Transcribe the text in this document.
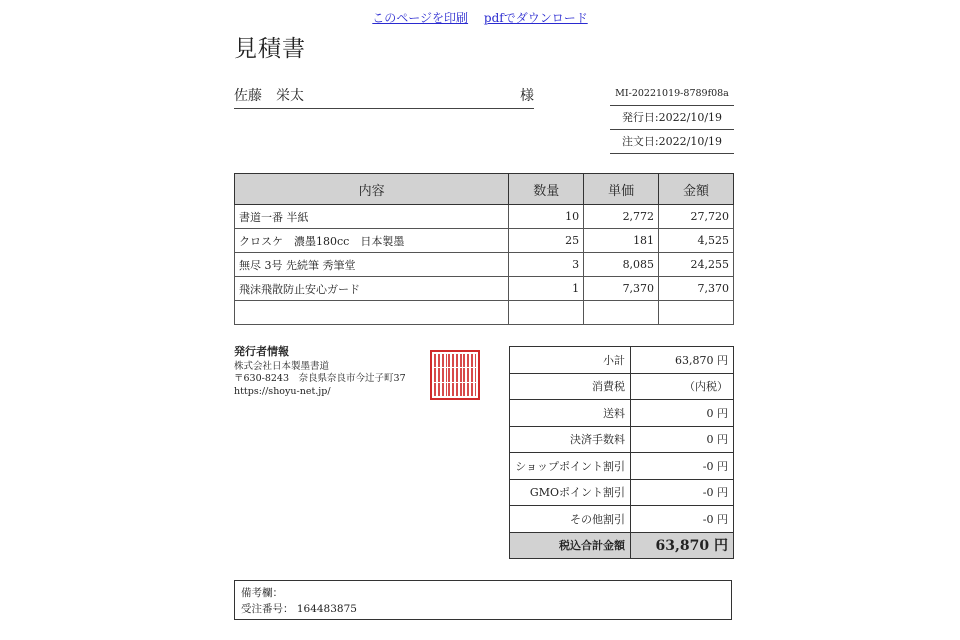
このページを印刷 pdfでダウンロード
見積書
佐藤　栄太	様	MI-20221019-8789f08a
発行日:2022/10/19
注文日:2022/10/19
内容	数量	単価	金額
書道一番 半紙	10	2,772	27,720
クロスケ　濃墨180cc　日本製墨	25	181	4,525
無尽 3号 先続筆 秀筆堂	3	8,085	24,255
飛沫飛散防止安心ガード	1	7,370	7,370

発行者情報
株式会社日本製墨書道
〒630-8243　奈良県奈良市今辻子町37
https://shoyu-net.jp/
小計	63,870 円
消費税	（内税）
送料	0 円
決済手数料	0 円
ショップポイント割引	-0 円
GMOポイント割引	-0 円
その他割引	-0 円
税込合計金額	63,870 円
備考欄：
受注番号： 164483875
